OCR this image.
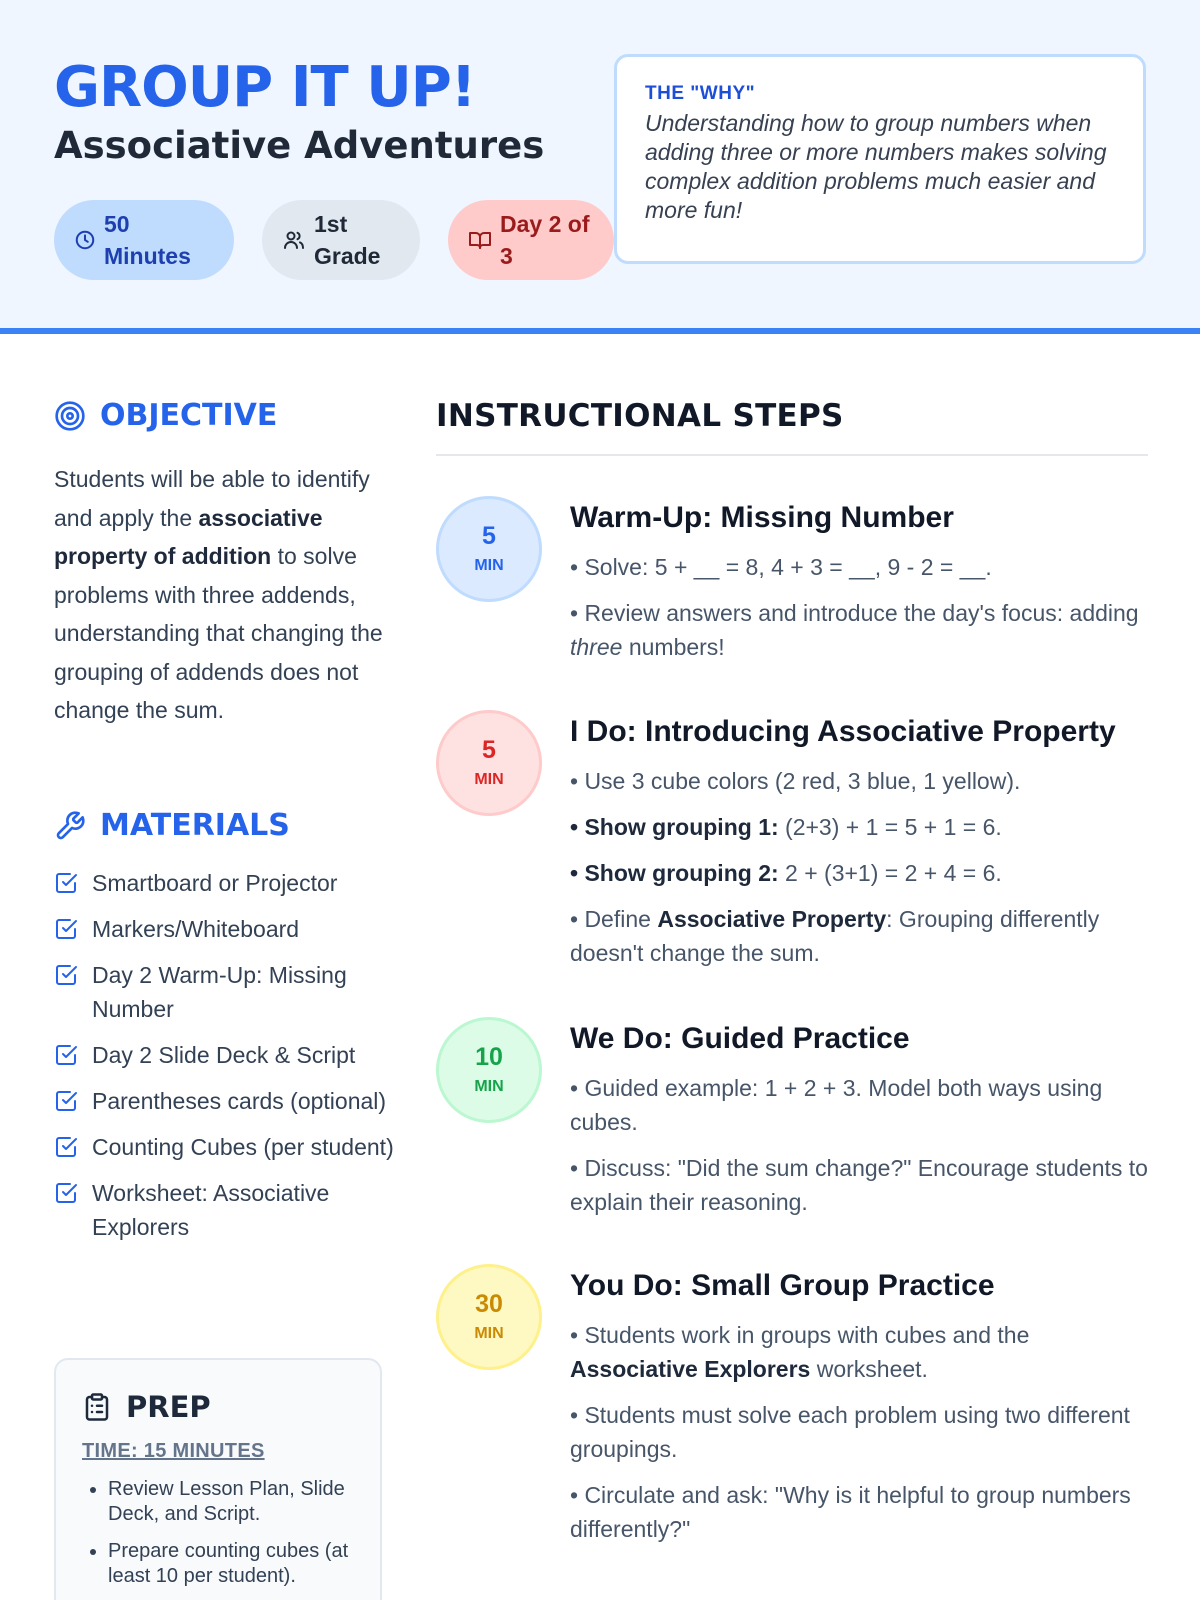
GROUP IT UP!
Associative Adventures
50
Minutes
1st
Grade
Day 2 of
3
THE "WHY"
Understanding how to group numbers when adding three or more numbers makes solving complex addition problems much easier and more fun!
OBJECTIVE

Students will be able to identify and apply the associative property of addition to solve problems with three addends, understanding that changing the grouping of addends does not change the sum.

MATERIALS
Smartboard or Projector
Markers/Whiteboard
Day 2 Warm-Up: Missing Number
Day 2 Slide Deck & Script
Parentheses cards (optional)
Counting Cubes (per student)
Worksheet: Associative Explorers
PREP
TIME: 15 MINUTES
• Review Lesson Plan, Slide Deck, and Script.
• Prepare counting cubes (at least 10 per student).
INSTRUCTIONAL STEPS
5
MIN
Warm-Up: Missing Number

• Solve: 5 + __ = 8, 4 + 3 = __, 9 - 2 = __.

• Review answers and introduce the day's focus: adding three numbers!

5
MIN
I Do: Introducing Associative Property

• Use 3 cube colors (2 red, 3 blue, 1 yellow).

• Show grouping 1: (2+3) + 1 = 5 + 1 = 6.

• Show grouping 2: 2 + (3+1) = 2 + 4 = 6.

• Define Associative Property: Grouping differently doesn't change the sum.

10
MIN
We Do: Guided Practice

• Guided example: 1 + 2 + 3. Model both ways using cubes.

• Discuss: "Did the sum change?" Encourage students to explain their reasoning.

30
MIN
You Do: Small Group Practice

• Students work in groups with cubes and the Associative Explorers worksheet.

• Students must solve each problem using two different groupings.

• Circulate and ask: "Why is it helpful to group numbers differently?"
